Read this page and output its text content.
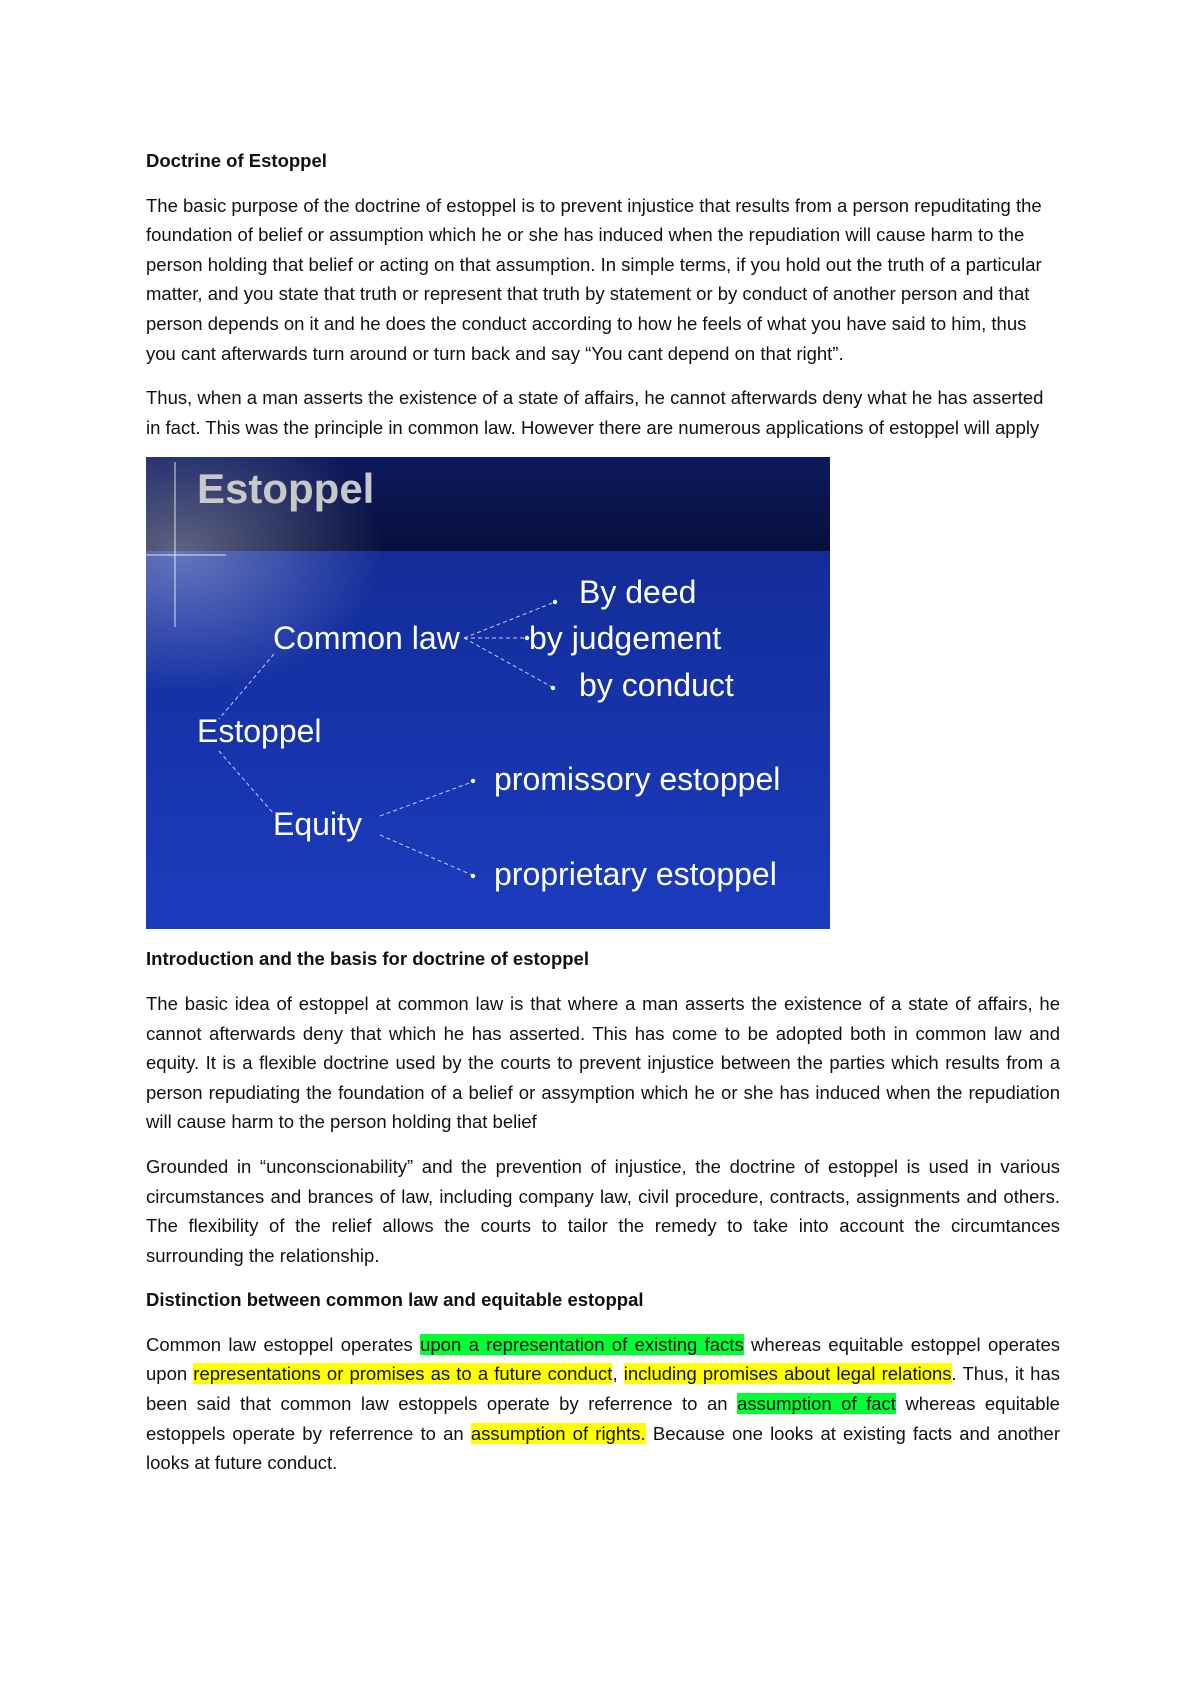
Doctrine of Estoppel

The basic purpose of the doctrine of estoppel is to prevent injustice that results from a person repuditating the foundation of belief or assumption which he or she has induced when the repudiation will cause harm to the person holding that belief or acting on that assumption. In simple terms, if you hold out the truth of a particular matter, and you state that truth or represent that truth by statement or by conduct of another person and that person depends on it and he does the conduct according to how he feels of what you have said to him, thus you cant afterwards turn around or turn back and say “You cant depend on that right”.

Thus, when a man asserts the existence of a state of affairs, he cannot afterwards deny what he has asserted in fact. This was the principle in common law. However there are numerous applications of estoppel will apply

Estoppel
Common law
By deed
by judgement
by conduct
Estoppel
promissory estoppel
Equity
proprietary estoppel
Introduction and the basis for doctrine of estoppel

The basic idea of estoppel at common law is that where a man asserts the existence of a state of affairs, he cannot afterwards deny that which he has asserted. This has come to be adopted both in common law and equity. It is a flexible doctrine used by the courts to prevent injustice between the parties which results from a person repudiating the foundation of a belief or assymption which he or she has induced when the repudiation will cause harm to the person holding that belief

Grounded in “unconscionability” and the prevention of injustice, the doctrine of estoppel is used in various circumstances and brances of law, including company law, civil procedure, contracts, assignments and others. The flexibility of the relief allows the courts to tailor the remedy to take into account the circumtances surrounding the relationship.

Distinction between common law and equitable estoppal

Common law estoppel operates upon a representation of existing facts whereas equitable estoppel operates upon representations or promises as to a future conduct, including promises about legal relations. Thus, it has been said that common law estoppels operate by referrence to an assumption of fact whereas equitable estoppels operate by referrence to an assumption of rights. Because one looks at existing facts and another looks at future conduct.
